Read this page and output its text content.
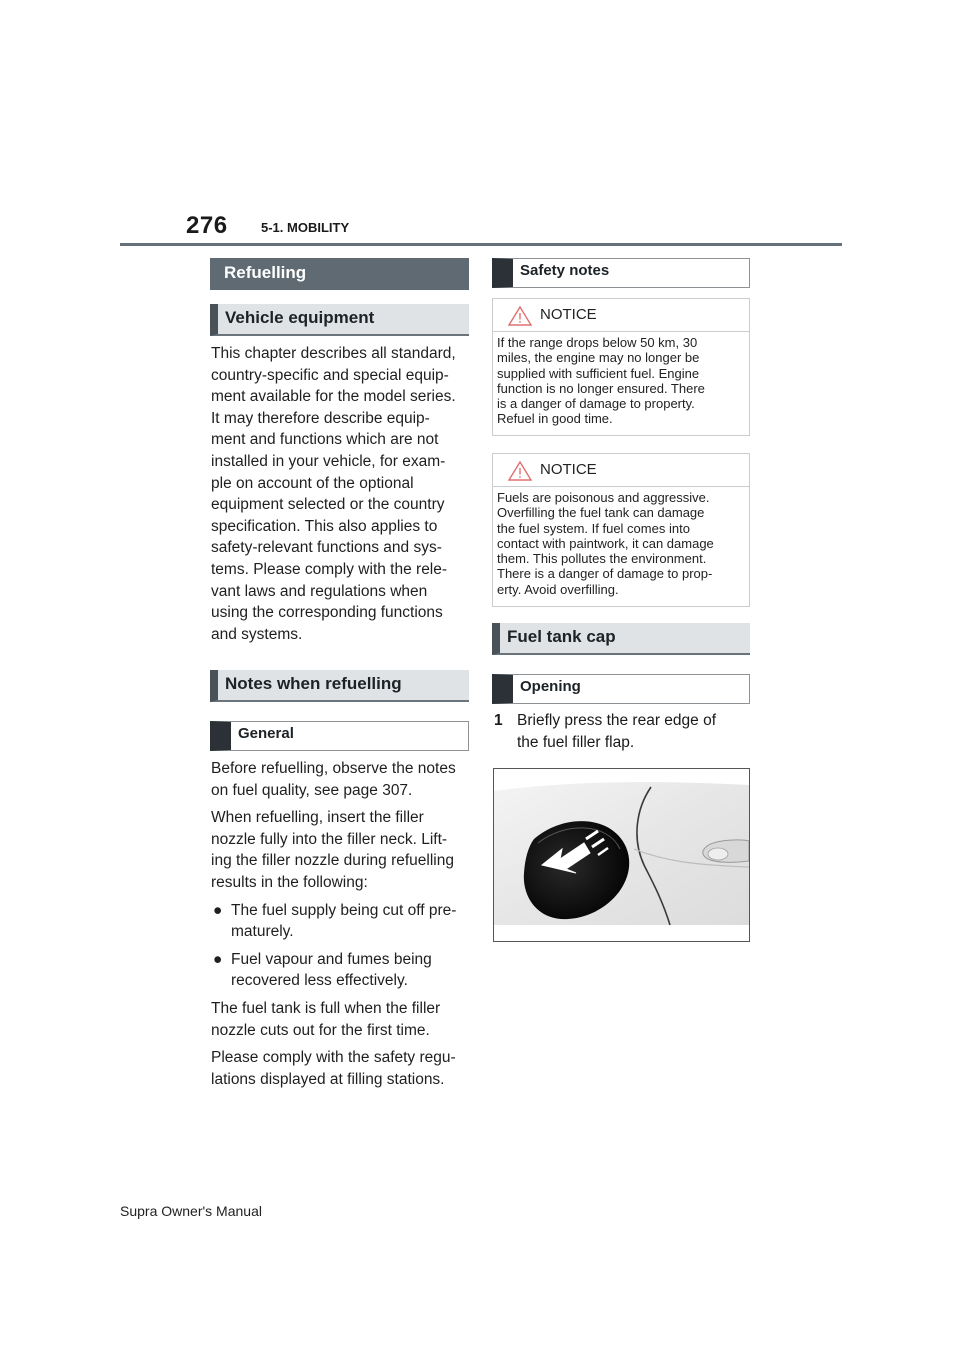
276	5-1. MOBILITY
Refuelling
Vehicle equipment
This chapter describes all standard,
country-specific and special equip-
ment available for the model series.
It may therefore describe equip-
ment and functions which are not
installed in your vehicle, for exam-
ple on account of the optional
equipment selected or the country
specification. This also applies to
safety-relevant functions and sys-
tems. Please comply with the rele-
vant laws and regulations when
using the corresponding functions
and systems.
Notes when refuelling
General

Before refuelling, observe the notes
on fuel quality, see page 307.

When refuelling, insert the filler
nozzle fully into the filler neck. Lift-
ing the filler nozzle during refuelling
results in the following:

● The fuel supply being cut off pre-
maturely.
● Fuel vapour and fumes being
recovered less effectively.

The fuel tank is full when the filler
nozzle cuts out for the first time.

Please comply with the safety regu-
lations displayed at filling stations.

Safety notes
NOTICE
If the range drops below 50 km, 30
miles, the engine may no longer be
supplied with sufficient fuel. Engine
function is no longer ensured. There
is a danger of damage to property.
Refuel in good time.
NOTICE
Fuels are poisonous and aggressive.
Overfilling the fuel tank can damage
the fuel system. If fuel comes into
contact with paintwork, it can damage
them. This pollutes the environment.
There is a danger of damage to prop-
erty. Avoid overfilling.
Fuel tank cap
Opening
1 Briefly press the rear edge of
the fuel filler flap.
Supra Owner's Manual
